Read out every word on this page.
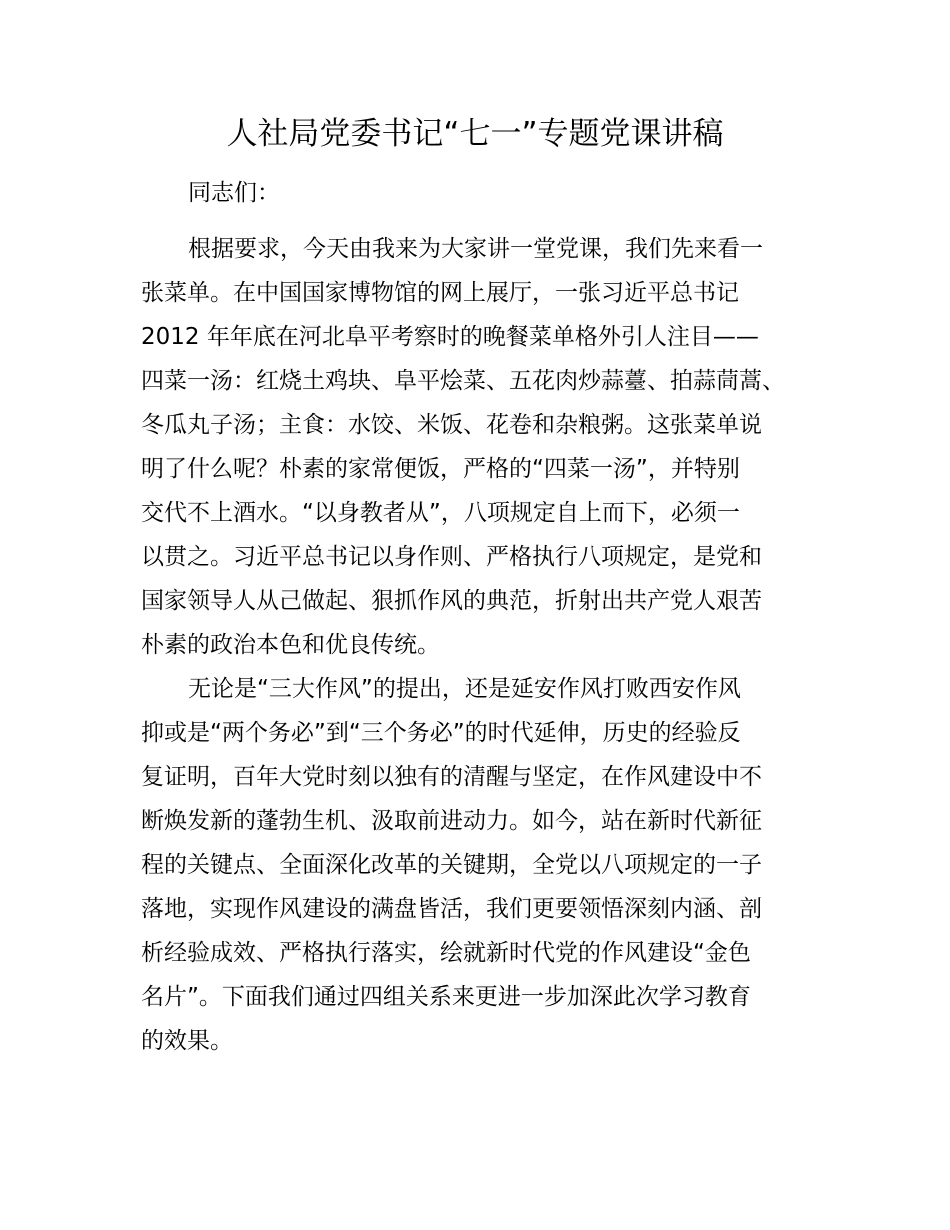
人社局党委书记“七一”专题党课讲稿
同志们：
根据要求，今天由我来为大家讲一堂党课，我们先来看一
张菜单。在中国国家博物馆的网上展厅，一张习近平总书记
2012 年年底在河北阜平考察时的晚餐菜单格外引人注目——
四菜一汤：红烧土鸡块、阜平烩菜、五花肉炒蒜薹、拍蒜茼蒿、
冬瓜丸子汤；主食：水饺、米饭、花卷和杂粮粥。这张菜单说
明了什么呢？朴素的家常便饭，严格的“四菜一汤”，并特别
交代不上酒水。“以身教者从”，八项规定自上而下，必须一
以贯之。习近平总书记以身作则、严格执行八项规定，是党和
国家领导人从己做起、狠抓作风的典范，折射出共产党人艰苦
朴素的政治本色和优良传统。
无论是“三大作风”的提出，还是延安作风打败西安作风
抑或是“两个务必”到“三个务必”的时代延伸，历史的经验反
复证明，百年大党时刻以独有的清醒与坚定，在作风建设中不
断焕发新的蓬勃生机、汲取前进动力。如今，站在新时代新征
程的关键点、全面深化改革的关键期，全党以八项规定的一子
落地，实现作风建设的满盘皆活，我们更要领悟深刻内涵、剖
析经验成效、严格执行落实，绘就新时代党的作风建设“金色
名片”。下面我们通过四组关系来更进一步加深此次学习教育
的效果。
